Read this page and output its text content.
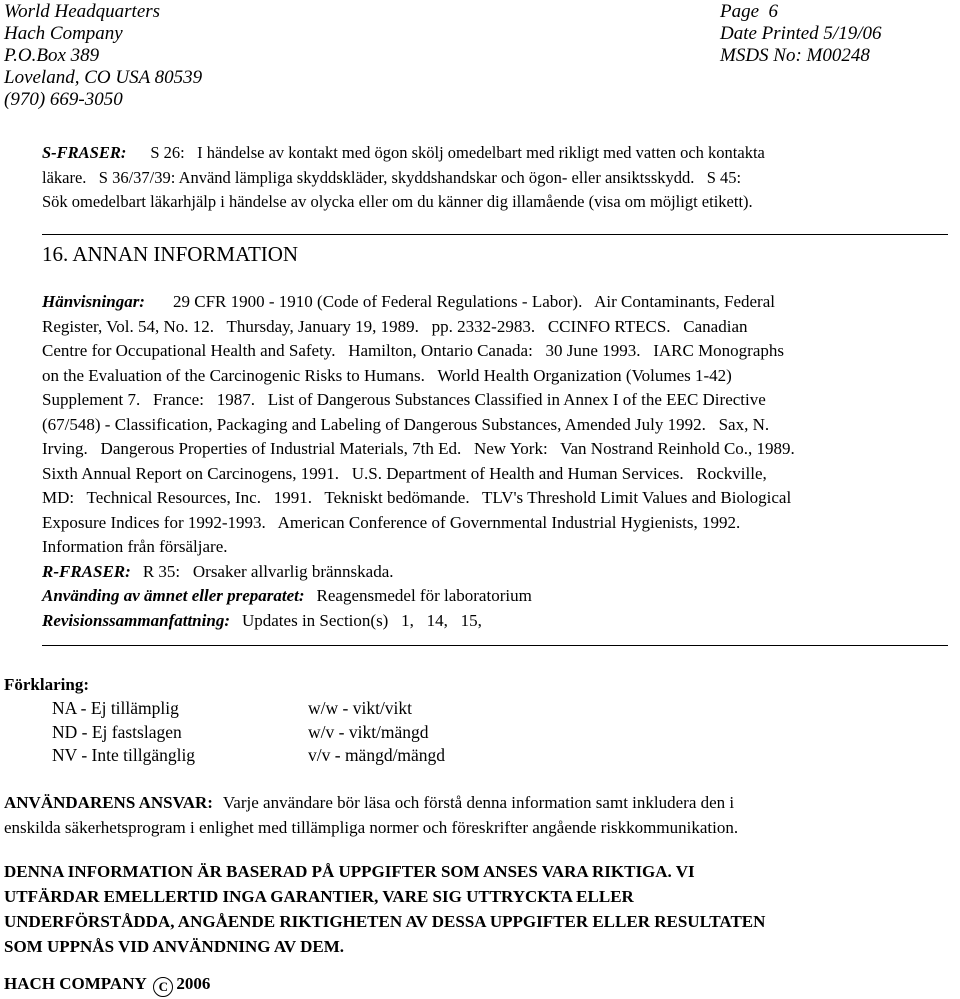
World Headquarters
Hach Company
P.O.Box 389
Loveland, CO USA 80539
(970) 669-3050
Page  6
Date Printed 5/19/06
MSDS No: M00248
S-FRASER: S 26:   I händelse av kontakt med ögon skölj omedelbart med rikligt med vatten och kontakta
läkare.   S 36/37/39: Använd lämpliga skyddskläder, skyddshandskar och ögon- eller ansiktsskydd.   S 45:
Sök omedelbart läkarhjälp i händelse av olycka eller om du känner dig illamående (visa om möjligt etikett).
16. ANNAN INFORMATION
Hänvisningar: 29 CFR 1900 - 1910 (Code of Federal Regulations - Labor).   Air Contaminants, Federal
Register, Vol. 54, No. 12.   Thursday, January 19, 1989.   pp. 2332-2983.   CCINFO RTECS.   Canadian
Centre for Occupational Health and Safety.   Hamilton, Ontario Canada:   30 June 1993.   IARC Monographs
on the Evaluation of the Carcinogenic Risks to Humans.   World Health Organization (Volumes 1-42)
Supplement 7.   France:   1987.   List of Dangerous Substances Classified in Annex I of the EEC Directive
(67/548) - Classification, Packaging and Labeling of Dangerous Substances, Amended July 1992.   Sax, N.
Irving.   Dangerous Properties of Industrial Materials, 7th Ed.   New York:   Van Nostrand Reinhold Co., 1989.
Sixth Annual Report on Carcinogens, 1991.   U.S. Department of Health and Human Services.   Rockville,
MD:   Technical Resources, Inc.   1991.   Tekniskt bedömande.   TLV's Threshold Limit Values and Biological
Exposure Indices for 1992-1993.   American Conference of Governmental Industrial Hygienists, 1992.
Information från försäljare.
R-FRASER: R 35:   Orsaker allvarlig brännskada.
Använding av ämnet eller preparatet: Reagensmedel för laboratorium
Revisionssammanfattning: Updates in Section(s)   1,   14,   15,
Förklaring:
NA - Ej tillämplig
ND - Ej fastslagen
NV - Inte tillgänglig
w/w - vikt/vikt
w/v - vikt/mängd
v/v - mängd/mängd
ANVÄNDARENS ANSVAR: Varje användare bör läsa och förstå denna information samt inkludera den i
enskilda säkerhetsprogram i enlighet med tillämpliga normer och föreskrifter angående riskkommunikation.
DENNA INFORMATION ÄR BASERAD PÅ UPPGIFTER SOM ANSES VARA RIKTIGA. VI
UTFÄRDAR EMELLERTID INGA GARANTIER, VARE SIG UTTRYCKTA ELLER
UNDERFÖRSTÅDDA, ANGÅENDE RIKTIGHETEN AV DESSA UPPGIFTER ELLER RESULTATEN
SOM UPPNÅS VID ANVÄNDNING AV DEM.
HACH COMPANY C 2006
